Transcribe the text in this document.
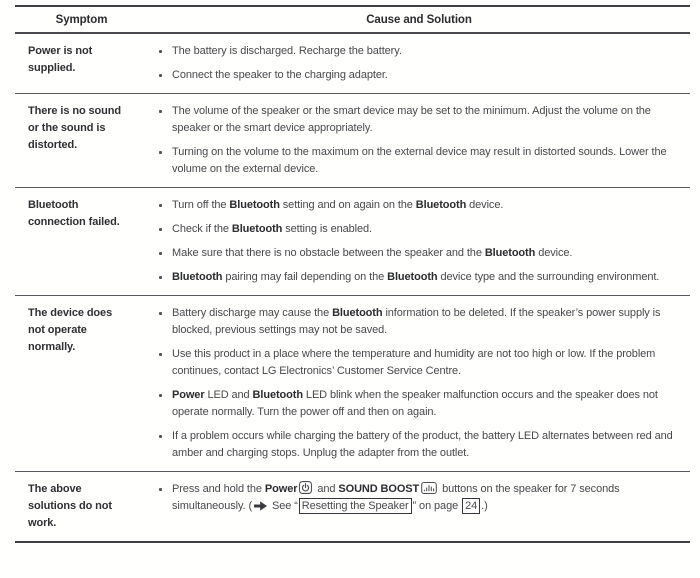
Symptom	Cause and Solution
Power is not supplied.
The battery is discharged. Recharge the battery.
Connect the speaker to the charging adapter.
There is no sound or the sound is distorted.
The volume of the speaker or the smart device may be set to the minimum. Adjust the volume on the speaker or the smart device appropriately.
Turning on the volume to the maximum on the external device may result in distorted sounds. Lower the volume on the external device.
Bluetooth connection failed.
Turn off the Bluetooth setting and on again on the Bluetooth device.
Check if the Bluetooth setting is enabled.
Make sure that there is no obstacle between the speaker and the Bluetooth device.
Bluetooth pairing may fail depending on the Bluetooth device type and the surrounding environment.
The device does not operate normally.
Battery discharge may cause the Bluetooth information to be deleted. If the speaker’s power supply is blocked, previous settings may not be saved.
Use this product in a place where the temperature and humidity are not too high or low. If the problem continues, contact LG Electronics’ Customer Service Centre.
Power LED and Bluetooth LED blink when the speaker malfunction occurs and the speaker does not operate normally. Turn the power off and then on again.
If a problem occurs while charging the battery of the product, the battery LED alternates between red and amber and charging stops. Unplug the adapter from the outlet.
The above solutions do not work.
Press and hold the Power
and SOUND BOOST
buttons on the speaker for 7 seconds simultaneously. (
See “ Resetting the Speaker ” on page 24 .)
